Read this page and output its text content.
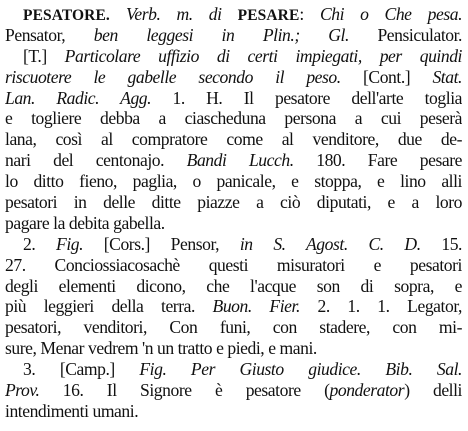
PESATORE. Verb. m. di PESARE: Chi o Che pesa.
Pensator, ben leggesi in Plin.; Gl. Pensiculator.
[T.] Particolare uffizio di certi impiegati, per quindi
riscuotere le gabelle secondo il peso. [Cont.] Stat.
Lan. Radic. Agg. 1. H. Il pesatore dell'arte toglia
e togliere debba a ciascheduna persona a cui peserà
lana, così al compratore come al venditore, due de-
nari del centonajo. Bandi Lucch. 180. Fare pesare
lo ditto fieno, paglia, o panicale, e stoppa, e lino alli
pesatori in delle ditte piazze a ciò diputati, e a loro
pagare la debita gabella.
2. Fig. [Cors.] Pensor, in S. Agost. C. D. 15.
27. Conciossiacosachè questi misuratori e pesatori
degli elementi dicono, che l'acque son di sopra, e
più leggieri della terra. Buon. Fier. 2. 1. 1. Legator,
pesatori, venditori, Con funi, con stadere, con mi-
sure, Menar vedrem 'n un tratto e piedi, e mani.
3. [Camp.] Fig. Per Giusto giudice. Bib. Sal.
Prov. 16. Il Signore è pesatore (ponderator) delli
intendimenti umani.
